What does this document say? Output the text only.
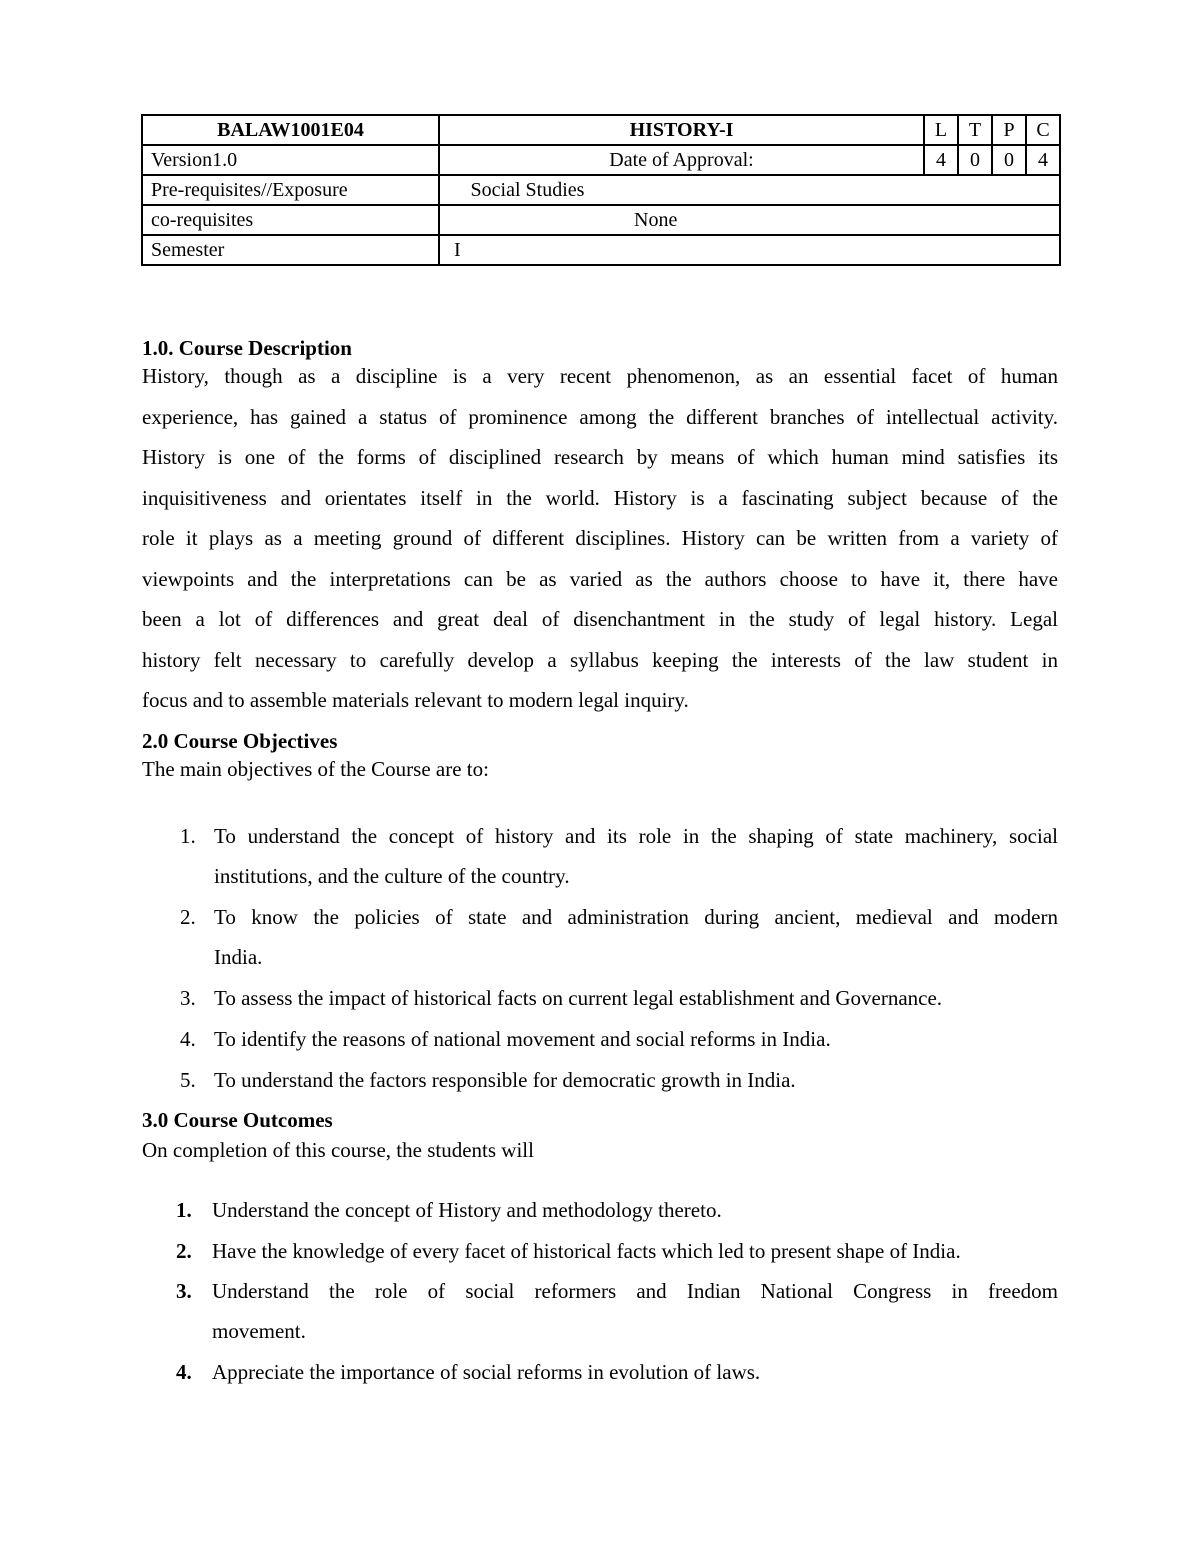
BALAW1001E04	HISTORY-I	L	T	P	C
Version1.0	Date of Approval:	4	0	0	4
Pre-requisites//Exposure	Social Studies				
co-requisites	None				
Semester	I				
1.0. Course Description
History, though as a discipline is a very recent phenomenon, as an essential facet of human
experience, has gained a status of prominence among the different branches of intellectual activity.
History is one of the forms of disciplined research by means of which human mind satisfies its
inquisitiveness and orientates itself in the world. History is a fascinating subject because of the
role it plays as a meeting ground of different disciplines. History can be written from a variety of
viewpoints and the interpretations can be as varied as the authors choose to have it, there have
been a lot of differences and great deal of disenchantment in the study of legal history. Legal
history felt necessary to carefully develop a syllabus keeping the interests of the law student in
focus and to assemble materials relevant to modern legal inquiry.
2.0 Course Objectives
The main objectives of the Course are to:
1. To understand the concept of history and its role in the shaping of state machinery, social
institutions, and the culture of the country.
2. To know the policies of state and administration during ancient, medieval and modern
India.
3. To assess the impact of historical facts on current legal establishment and Governance.
4. To identify the reasons of national movement and social reforms in India.
5. To understand the factors responsible for democratic growth in India.
3.0 Course Outcomes
On completion of this course, the students will
1. Understand the concept of History and methodology thereto.
2. Have the knowledge of every facet of historical facts which led to present shape of India.
3. Understand the role of social reformers and Indian National Congress in freedom
movement.
4. Appreciate the importance of social reforms in evolution of laws.
